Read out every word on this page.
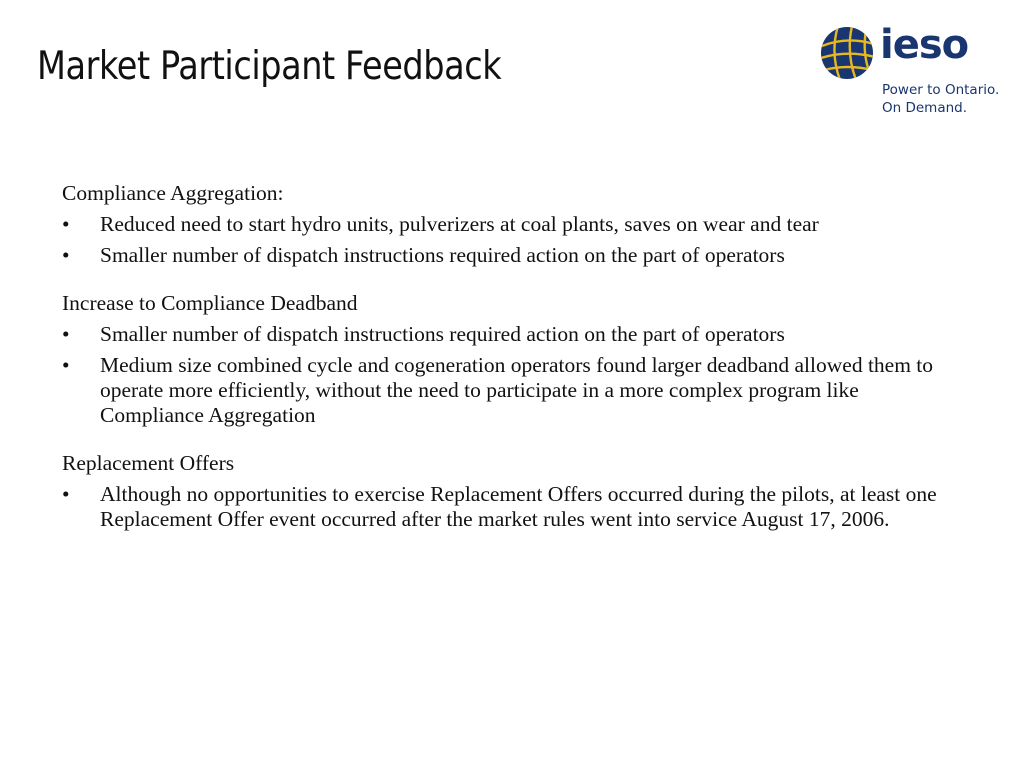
Market Participant Feedback	ieso
Power to Ontario.
On Demand.

Compliance Aggregation:

•	Reduced need to start hydro units, pulverizers at coal plants, saves on wear and tear
•	Smaller number of dispatch instructions required action on the part of operators

Increase to Compliance Deadband

•	Smaller number of dispatch instructions required action on the part of operators
•	Medium size combined cycle and cogeneration operators found larger deadband allowed them to operate more efficiently, without the need to participate in a more complex program like Compliance Aggregation

Replacement Offers

•	Although no opportunities to exercise Replacement Offers occurred during the pilots, at least one Replacement Offer event occurred after the market rules went into service August 17, 2006.
